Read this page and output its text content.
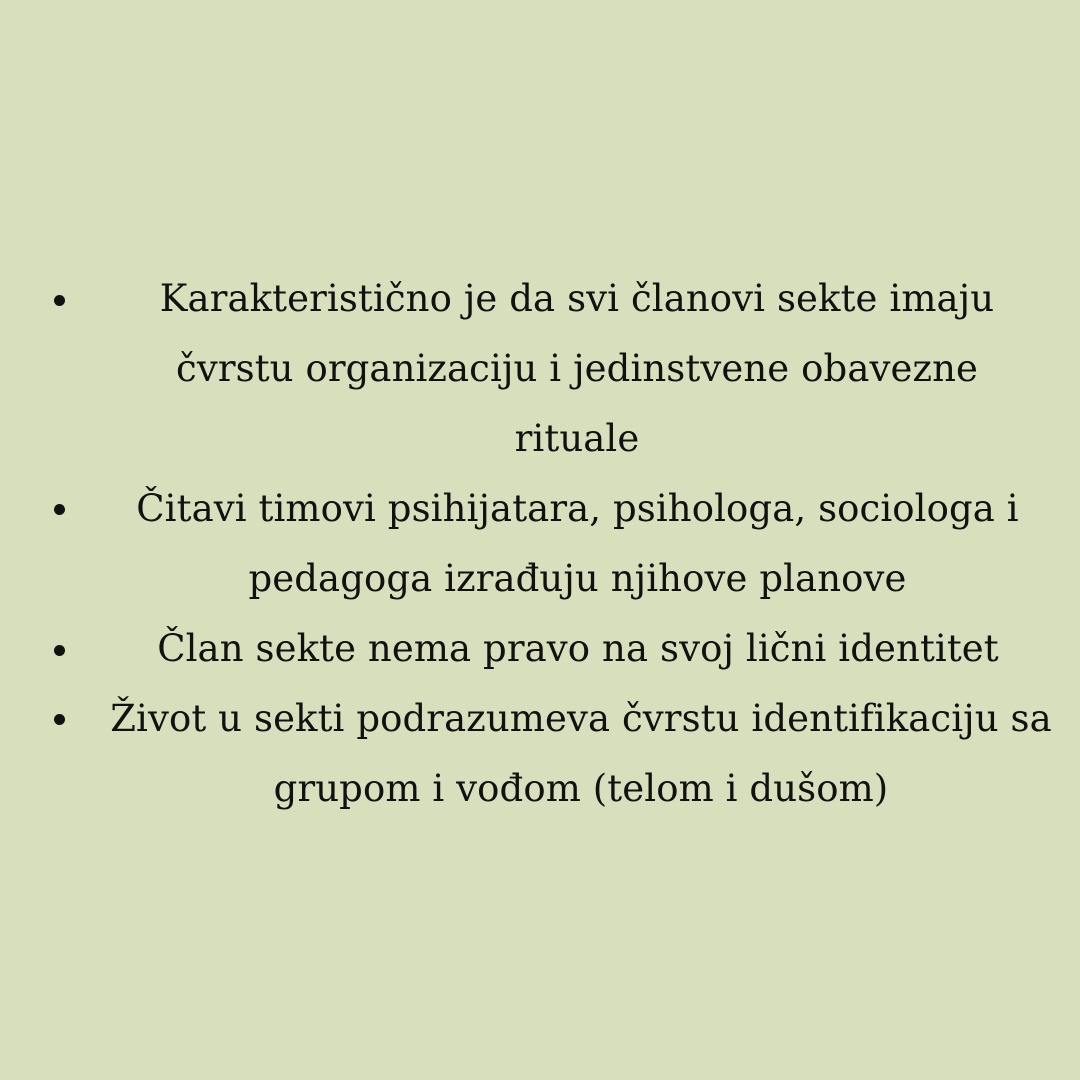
Karakteristično je da svi članovi sekte imaju čvrstu organizaciju i jedinstvene obavezne rituale
Čitavi timovi psihijatara, psihologa, sociologa i pedagoga izrađuju njihove planove
Član sekte nema pravo na svoj lični identitet
Život u sekti podrazumeva čvrstu identifikaciju sa grupom i vođom (telom i dušom)
